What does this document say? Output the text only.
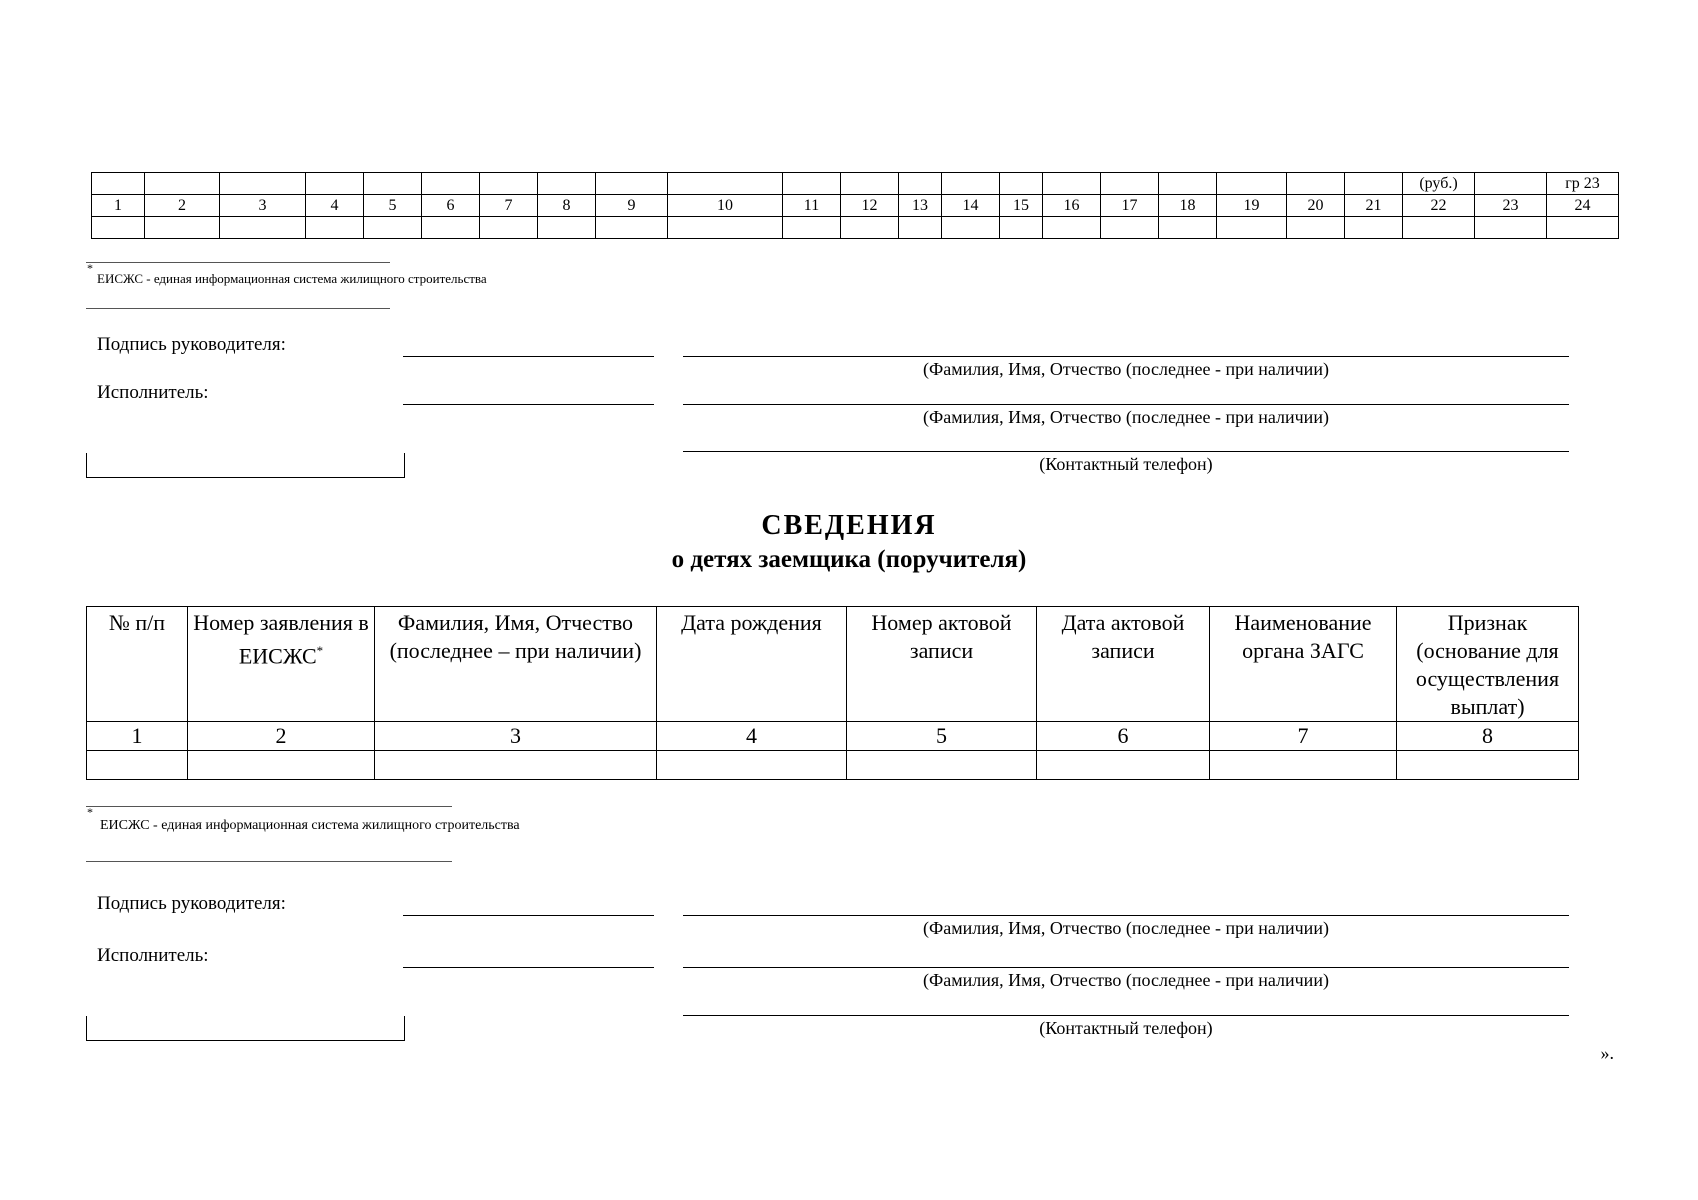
																					(руб.)		гр 23
1	2	3	4	5	6	7	8	9	10	11	12	13	14	15	16	17	18	19	20	21	22	23	24

*
ЕИСЖС - единая информационная система жилищного строительства
Подпись руководителя:
(Фамилия, Имя, Отчество (последнее - при наличии)
Исполнитель:
(Фамилия, Имя, Отчество (последнее - при наличии)
(Контактный телефон)
СВЕДЕНИЯ
о детях заемщика (поручителя)
№ п/п	Номер заявления в ЕИСЖС*	Фамилия, Имя, Отчество (последнее – при наличии)	Дата рождения	Номер актовой записи	Дата актовой записи	Наименование органа ЗАГС	Признак (основание для осуществления выплат)
1	2	3	4	5	6	7	8

*
ЕИСЖС - единая информационная система жилищного строительства
Подпись руководителя:
(Фамилия, Имя, Отчество (последнее - при наличии)
Исполнитель:
(Фамилия, Имя, Отчество (последнее - при наличии)
(Контактный телефон)
».
